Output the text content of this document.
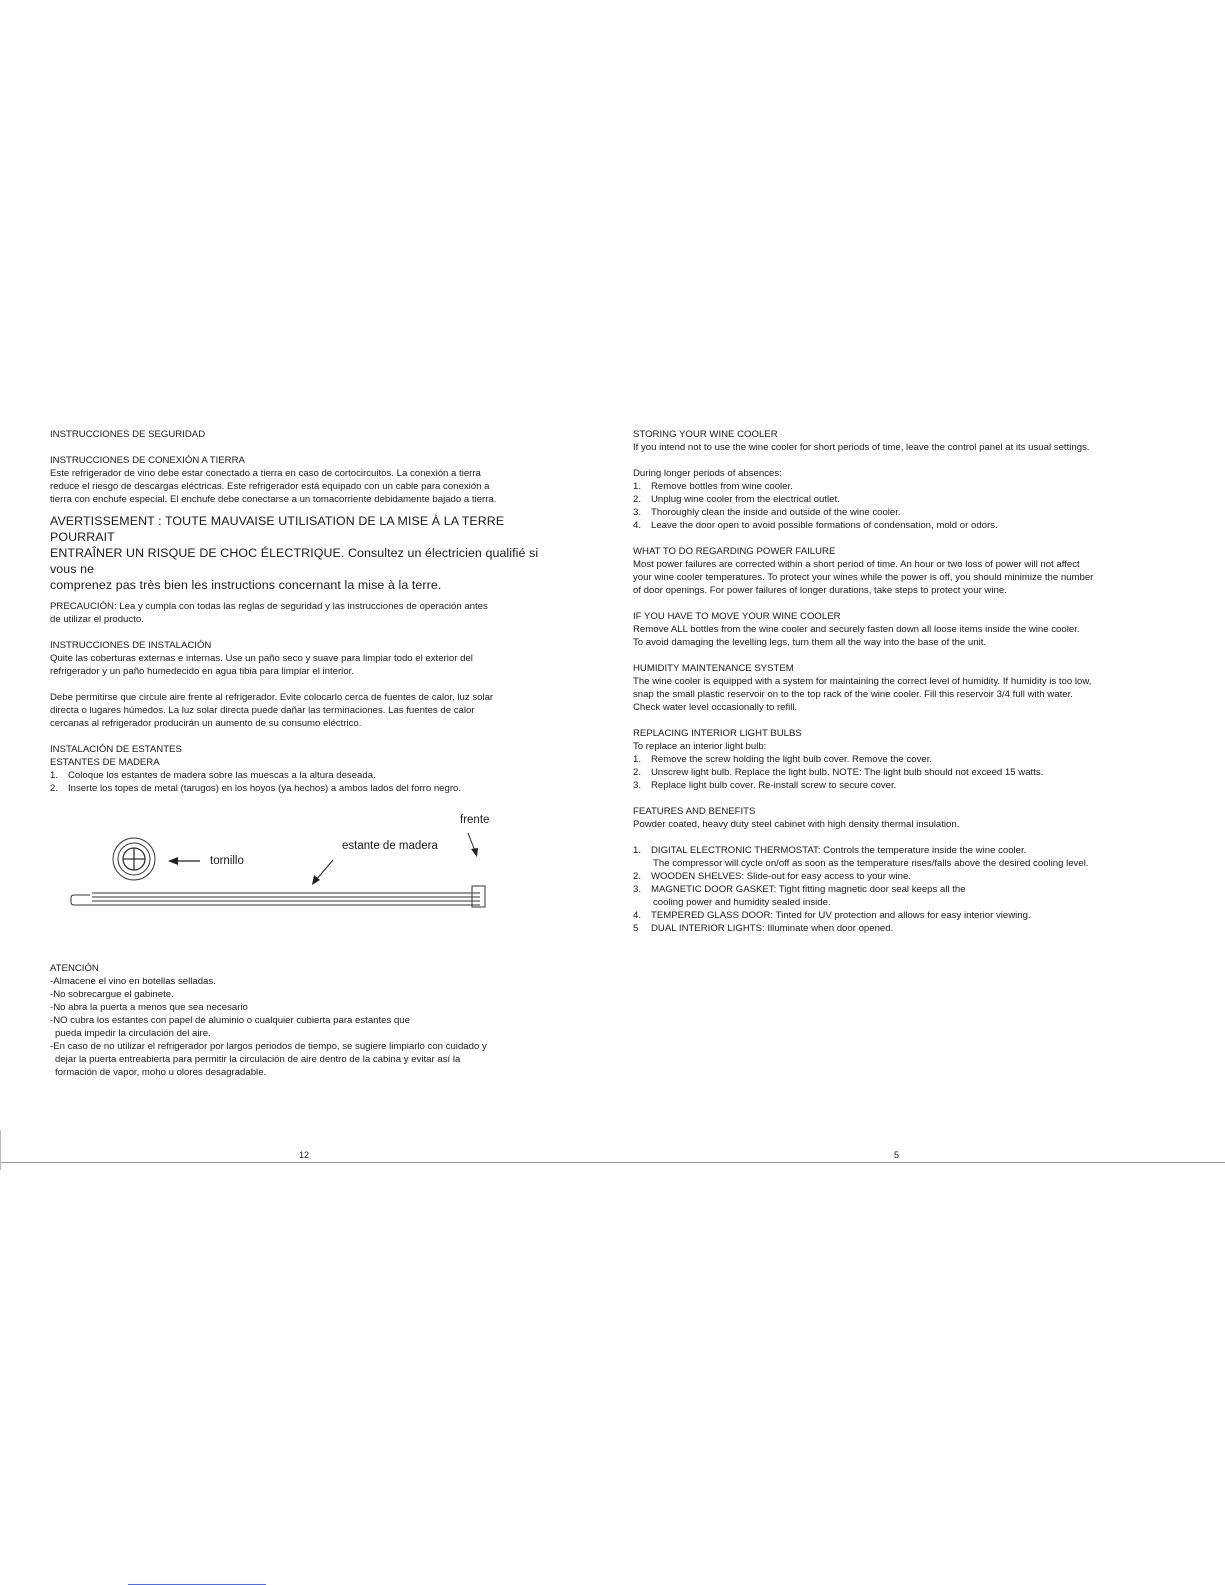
INSTRUCCIONES DE SEGURIDAD

INSTRUCCIONES DE CONEXIÓN A TIERRA

Este refrigerador de vino debe estar conectado a tierra en caso de cortocircuitos. La conexión a tierra

reduce el riesgo de descargas eléctricas. Este refrigerador está equipado con un cable para conexión a

tierra con enchufe especial. El enchufe debe conectarse a un tomacorriente debidamente bajado a tierra.

AVERTISSEMENT : TOUTE MAUVAISE UTILISATION DE LA MISE À LA TERRE POURRAIT

ENTRAÎNER UN RISQUE DE CHOC ÉLECTRIQUE. Consultez un électricien qualifié si vous ne

comprenez pas très bien les instructions concernant la mise à la terre.

PRECAUCIÓN: Lea y cumpla con todas las reglas de seguridad y las instrucciones de operación antes

de utilizar el producto.

INSTRUCCIONES DE INSTALACIÓN

Quite las coberturas externas e internas. Use un paño seco y suave para limpiar todo el exterior del

refrigerador y un paño humedecido en agua tibia para limpiar el interior.

Debe permitirse que circule aire frente al refrigerador. Evite colocarlo cerca de fuentes de calor, luz solar

directa o lugares húmedos. La luz solar directa puede dañar las terminaciones. Las fuentes de calor

cercanas al refrigerador producirán un aumento de su consumo eléctrico.

INSTALACIÓN DE ESTANTES

ESTANTES DE MADERA

1. Coloque los estantes de madera sobre las muescas a la altura deseada.

2. Inserte los topes de metal (tarugos) en los hoyos (ya hechos) a ambos lados del forro negro.

frente
tornillo
estante de madera

ATENCIÓN

-Almacene el vino en botellas selladas.

-No sobrecargue el gabinete.

-No abra la puerta a menos que sea necesario

-NO cubra los estantes con papel de aluminio o cualquier cubierta para estantes que

pueda impedir la circulación del aire.

-En caso de no utilizar el refrigerador por largos periodos de tiempo, se sugiere limpiarlo con cuidado y

dejar la puerta entreabierta para permitir la circulación de aire dentro de la cabina y evitar así la

formación de vapor, moho u olores desagradable.

12

STORING YOUR WINE COOLER

If you intend not to use the wine cooler for short periods of time, leave the control panel at its usual settings.

During longer periods of absences:

1. Remove bottles from wine cooler.

2. Unplug wine cooler from the electrical outlet.

3. Thoroughly clean the inside and outside of the wine cooler.

4. Leave the door open to avoid possible formations of condensation, mold or odors.

WHAT TO DO REGARDING POWER FAILURE

Most power failures are corrected within a short period of time. An hour or two loss of power will not affect

your wine cooler temperatures. To protect your wines while the power is off, you should minimize the number

of door openings. For power failures of longer durations, take steps to protect your wine.

IF YOU HAVE TO MOVE YOUR WINE COOLER

Remove ALL bottles from the wine cooler and securely fasten down all loose items inside the wine cooler.

To avoid damaging the levelling legs, turn them all the way into the base of the unit.

HUMIDITY MAINTENANCE SYSTEM

The wine cooler is equipped with a system for maintaining the correct level of humidity. If humidity is too low,

snap the small plastic reservoir on to the top rack of the wine cooler. Fill this reservoir 3/4 full with water.

Check water level occasionally to refill.

REPLACING INTERIOR LIGHT BULBS

To replace an interior light bulb:

1. Remove the screw holding the light bulb cover. Remove the cover.

2. Unscrew light bulb. Replace the light bulb. NOTE: The light bulb should not exceed 15 watts.

3. Replace light bulb cover. Re-install screw to secure cover.

FEATURES AND BENEFITS

Powder coated, heavy duty steel cabinet with high density thermal insulation.

1. DIGITAL ELECTRONIC THERMOSTAT: Controls the temperature inside the wine cooler.

The compressor will cycle on/off as soon as the temperature rises/falls above the desired cooling level.

2. WOODEN SHELVES: Slide-out for easy access to your wine.

3. MAGNETIC DOOR GASKET: Tight fitting magnetic door seal keeps all the

cooling power and humidity sealed inside.

4. TEMPERED GLASS DOOR: Tinted for UV protection and allows for easy interior viewing.

5 DUAL INTERIOR LIGHTS: Illuminate when door opened.

5
